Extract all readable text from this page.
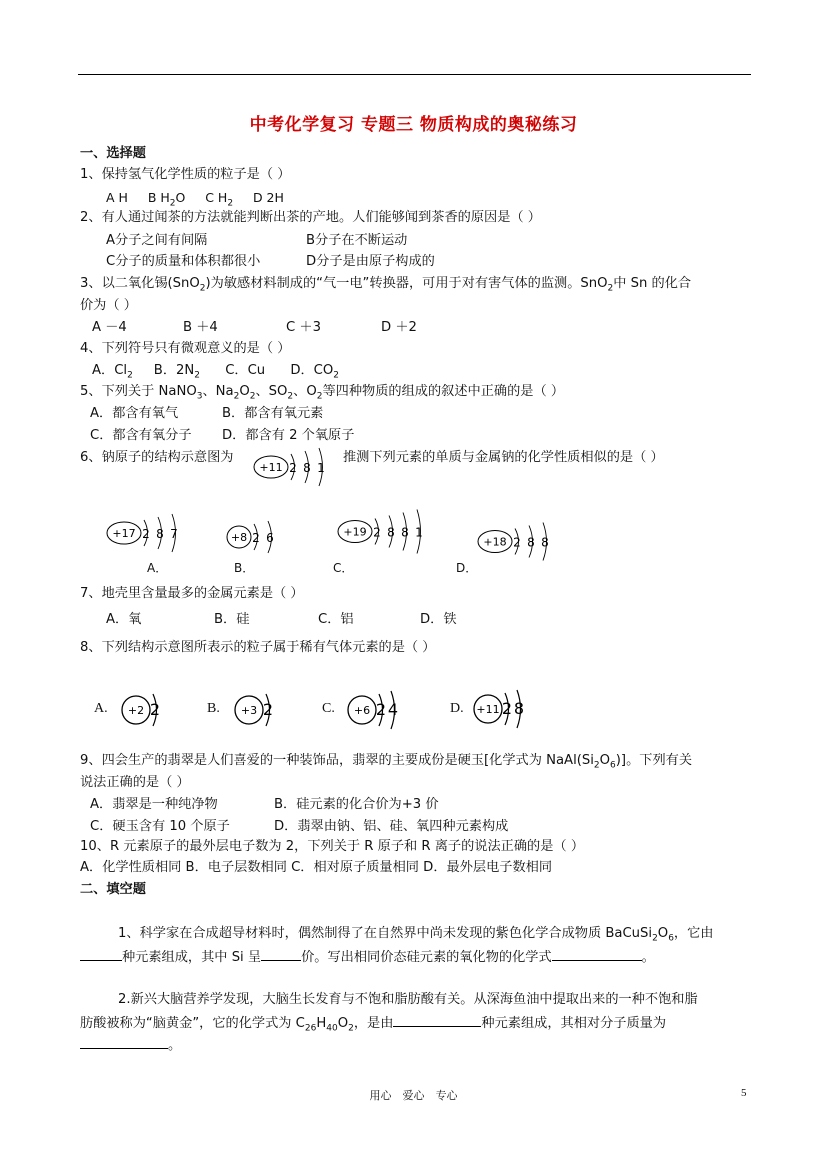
中考化学复习 专题三 物质构成的奥秘练习
一、选择题
1、保持氢气化学性质的粒子是（ ）
A H B $H_2O$ C $H_2$ D 2H
2、有人通过闻茶的方法就能判断出茶的产地。人们能够闻到茶香的原因是（ ）
A分子之间有间隔	B分子在不断运动
C分子的质量和体积都很小	D分子是由原子构成的
3、以二氧化锡(SnO$_2$)为敏感材料制成的“气一电”转换器，可用于对有害气体的监测。SnO$_2$中 Sn 的化合
价为（ ）
A －4	B ＋4	C ＋3	D ＋2
4、下列符号只有微观意义的是（ ）
A．$Cl_2$ B．$2N_2$ C．Cu D．$CO_2$
5、下列关于 NaNO$_3$、$Na_2O_2$、$SO_2$、$O_2$等四种物质的组成的叙述中正确的是（ ）
A．都含有氧气	B．都含有氧元素
C．都含有氧分子 D．都含有 2 个氧原子
6、钠原子的结构示意图为	推测下列元素的单质与金属钠的化学性质相似的是（ ）
+11 2 8 1
+17 2 8 7	+8 2 6	+19 2 8 8 1
+18 2 8 8
A．	B．	C．	D．
7、地壳里含量最多的金属元素是（ ）
A．氧	B．硅	C．铝	D．铁
8、下列结构示意图所表示的粒子属于稀有气体元素的是（ ）
A.	B.	C.	D.
+2 2	+3 2	+6 2 4	+11 2 8
9、四会生产的翡翠是人们喜爱的一种装饰品，翡翠的主要成份是硬玉[化学式为 $NaAl(Si_2O_6)$]。下列有关
说法正确的是（ ）
A．翡翠是一种纯净物	B．硅元素的化合价为+3 价
C．硬玉含有 10 个原子	D．翡翠由钠、铝、硅、氧四种元素构成
10、R 元素原子的最外层电子数为 2，下列关于 R 原子和 R 离子的说法正确的是（ ）
A．化学性质相同 B．电子层数相同 C．相对原子质量相同 D．最外层电子数相同
二、填空题
1、科学家在合成超导材料时，偶然制得了在自然界中尚未发现的紫色化学合成物质 $BaCuSi_2O_6$，它由
种元素组成，其中 Si 呈	价。写出相同价态硅元素的氧化物的化学式	。
2.新兴大脑营养学发现，大脑生长发育与不饱和脂肪酸有关。从深海鱼油中提取出来的一种不饱和脂
肪酸被称为“脑黄金”，它的化学式为 $C_{26}H_{40}O_2$，是由	种元素组成，其相对分子质量为
。
用心　爱心　专心	5
